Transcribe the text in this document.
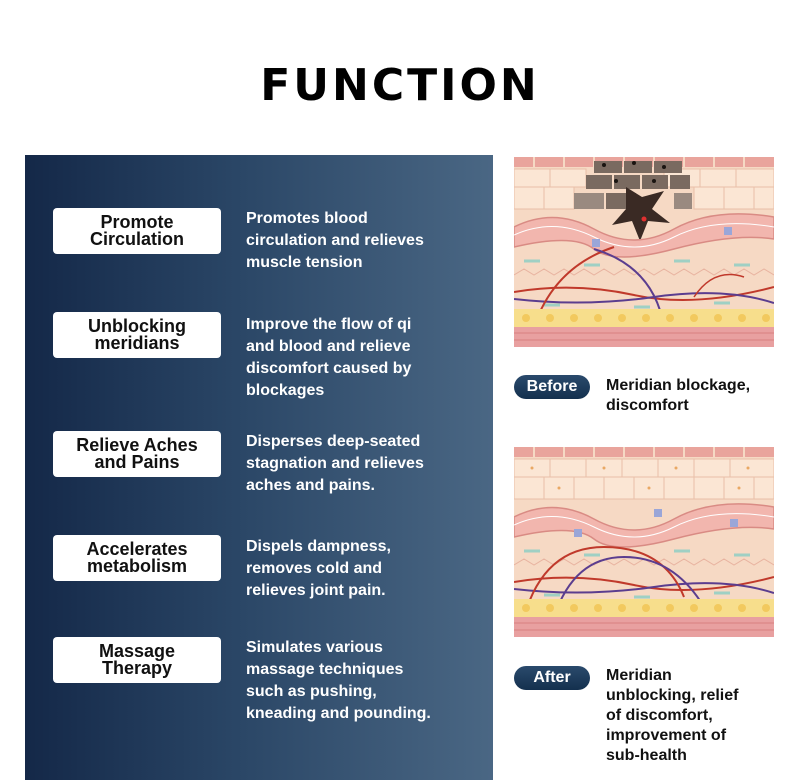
FUNCTION
Promote
Circulation
Promotes blood
circulation and relieves
muscle tension
Unblocking
meridians
Improve the flow of qi
and blood and relieve
discomfort caused by
blockages
Relieve Aches
and Pains
Disperses deep-seated
stagnation and relieves
aches and pains.
Accelerates
metabolism
Dispels dampness,
removes cold and
relieves joint pain.
Massage
Therapy
Simulates various
massage techniques
such as pushing,
kneading and pounding.
Before	Meridian blockage,
discomfort
After	Meridian
unblocking, relief
of discomfort,
improvement of
sub-health
